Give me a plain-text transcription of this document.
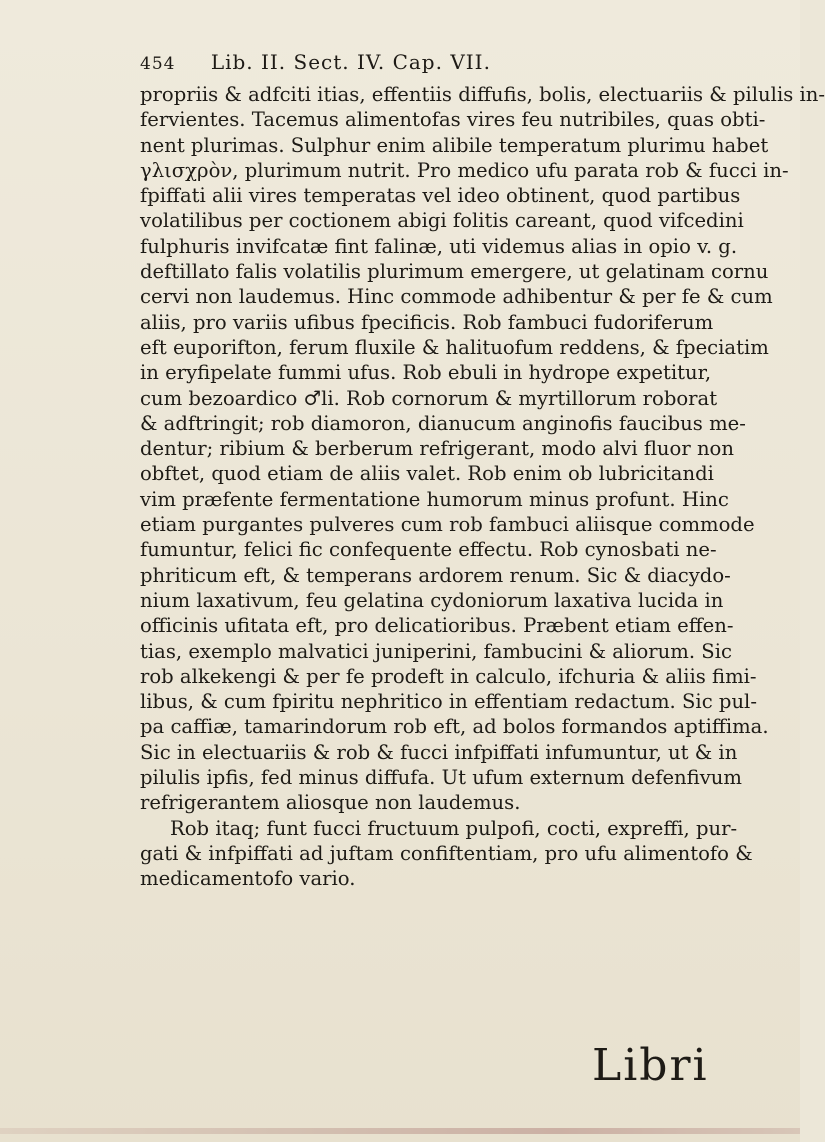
454 Lib. II. Sect. IV. Cap. VII.
propriis & adfciti itias, effentiis diffufis, bolis, electuariis & pilulis in-
fervientes. Tacemus alimentofas vires feu nutribiles, quas obti-
nent plurimas. Sulphur enim alibile temperatum plurimu habet
γλισχρὸν, plurimum nutrit. Pro medico ufu parata rob & fucci in-
fpiffati alii vires temperatas vel ideo obtinent, quod partibus
volatilibus per coctionem abigi folitis careant, quod vifcedini
fulphuris invifcatæ fint falinæ, uti videmus alias in opio v. g.
deftillato falis volatilis plurimum emergere, ut gelatinam cornu
cervi non laudemus. Hinc commode adhibentur & per fe & cum
aliis, pro variis ufibus fpecificis. Rob fambuci fudoriferum
eft euporifton, ferum fluxile & halituofum reddens, & fpeciatim
in eryfipelate fummi ufus. Rob ebuli in hydrope expetitur,
cum bezoardico ♂li. Rob cornorum & myrtillorum roborat
& adftringit; rob diamoron, dianucum anginofis faucibus me-
dentur; ribium & berberum refrigerant, modo alvi fluor non
obftet, quod etiam de aliis valet. Rob enim ob lubricitandi
vim præfente fermentatione humorum minus profunt. Hinc
etiam purgantes pulveres cum rob fambuci aliisque commode
fumuntur, felici fic confequente effectu. Rob cynosbati ne-
phriticum eft, & temperans ardorem renum. Sic & diacydo-
nium laxativum, feu gelatina cydoniorum laxativa lucida in
officinis ufitata eft, pro delicatioribus. Præbent etiam effen-
tias, exemplo malvatici juniperini, fambucini & aliorum. Sic
rob alkekengi & per fe prodeft in calculo, ifchuria & aliis fimi-
libus, & cum fpiritu nephritico in effentiam redactum. Sic pul-
pa caffiæ, tamarindorum rob eft, ad bolos formandos aptiffima.
Sic in electuariis & rob & fucci infpiffati infumuntur, ut & in
pilulis ipfis, fed minus diffufa. Ut ufum externum defenfivum
refrigerantem aliosque non laudemus.
Rob itaq; funt fucci fructuum pulpofi, cocti, expreffi, pur-
gati & infpiffati ad juftam confiftentiam, pro ufu alimentofo &
medicamentofo vario.
Libri
